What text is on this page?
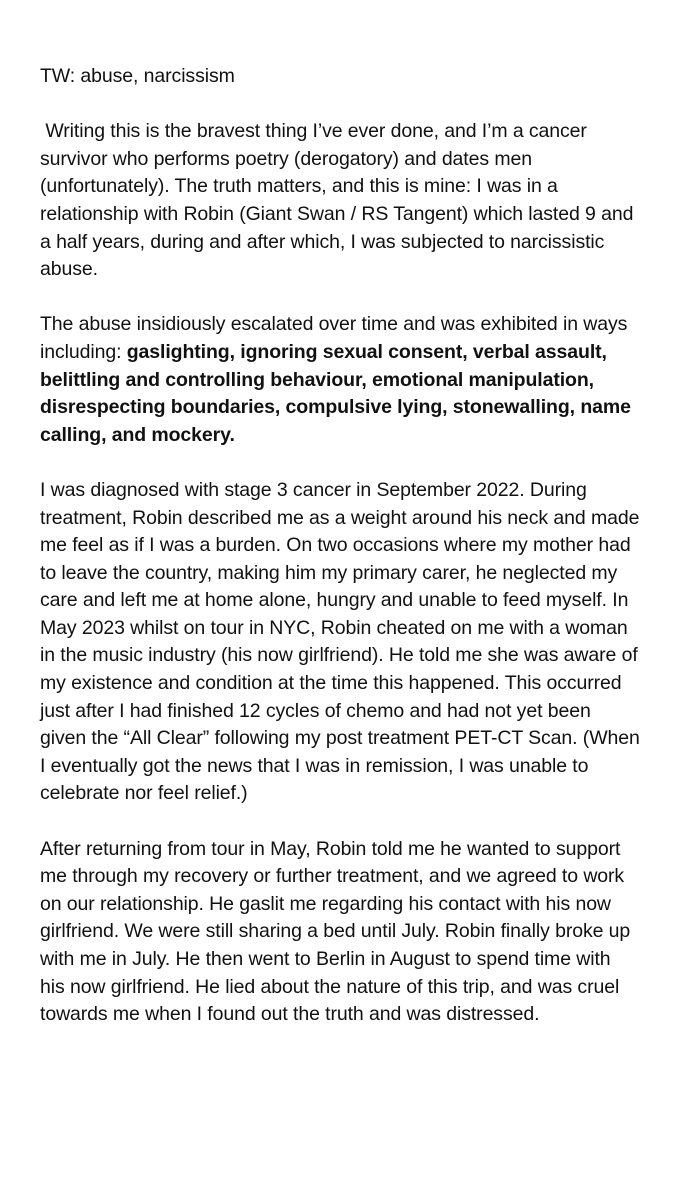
TW: abuse, narcissism

Writing this is the bravest thing I’ve ever done, and I’m a cancer survivor who performs poetry (derogatory) and dates men (unfortunately). The truth matters, and this is mine: I was in a relationship with Robin (Giant Swan / RS Tangent) which lasted 9 and a half years, during and after which, I was subjected to narcissistic abuse.

The abuse insidiously escalated over time and was exhibited in ways including: gaslighting, ignoring sexual consent, verbal assault, belittling and controlling behaviour, emotional manipulation, disrespecting boundaries, compulsive lying, stonewalling, name calling, and mockery.

I was diagnosed with stage 3 cancer in September 2022. During treatment, Robin described me as a weight around his neck and made me feel as if I was a burden. On two occasions where my mother had to leave the country, making him my primary carer, he neglected my care and left me at home alone, hungry and unable to feed myself. In May 2023 whilst on tour in NYC, Robin cheated on me with a woman in the music industry (his now girlfriend). He told me she was aware of my existence and condition at the time this happened. This occurred just after I had finished 12 cycles of chemo and had not yet been given the “All Clear” following my post treatment PET-CT Scan. (When I eventually got the news that I was in remission, I was unable to celebrate nor feel relief.)

After returning from tour in May, Robin told me he wanted to support me through my recovery or further treatment, and we agreed to work on our relationship. He gaslit me regarding his contact with his now girlfriend. We were still sharing a bed until July. Robin finally broke up with me in July. He then went to Berlin in August to spend time with his now girlfriend. He lied about the nature of this trip, and was cruel towards me when I found out the truth and was distressed.
